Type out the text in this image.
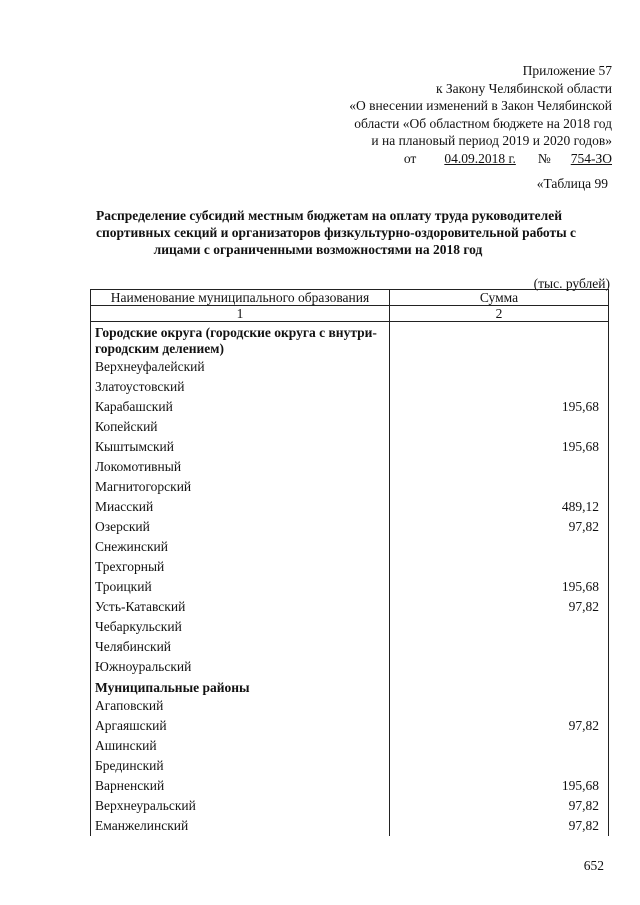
Приложение 57
к Закону Челябинской области
«О внесении изменений в Закон Челябинской
области «Об областном бюджете на 2018 год
и на плановый период 2019 и 2020 годов»
от 04.09.2018 г. № 754-ЗО
«Таблица 99
Распределение субсидий местным бюджетам на оплату труда руководителей
спортивных секций и организаторов физкультурно-оздоровительной работы с
лицами с ограниченными возможностями на 2018 год
(тыс. рублей)
Наименование муниципального образования	Сумма
1	2
Городские округа (городские округа с внутри-городским делением)	
Верхнеуфалейский	
Златоустовский	
Карабашский	195,68
Копейский	
Кыштымский	195,68
Локомотивный	
Магнитогорский	
Миасский	489,12
Озерский	97,82
Снежинский	
Трехгорный	
Троицкий	195,68
Усть-Катавский	97,82
Чебаркульский	
Челябинский	
Южноуральский	
Муниципальные районы	
Агаповский	
Аргаяшский	97,82
Ашинский	
Брединский	
Варненский	195,68
Верхнеуральский	97,82
Еманжелинский	97,82
652
